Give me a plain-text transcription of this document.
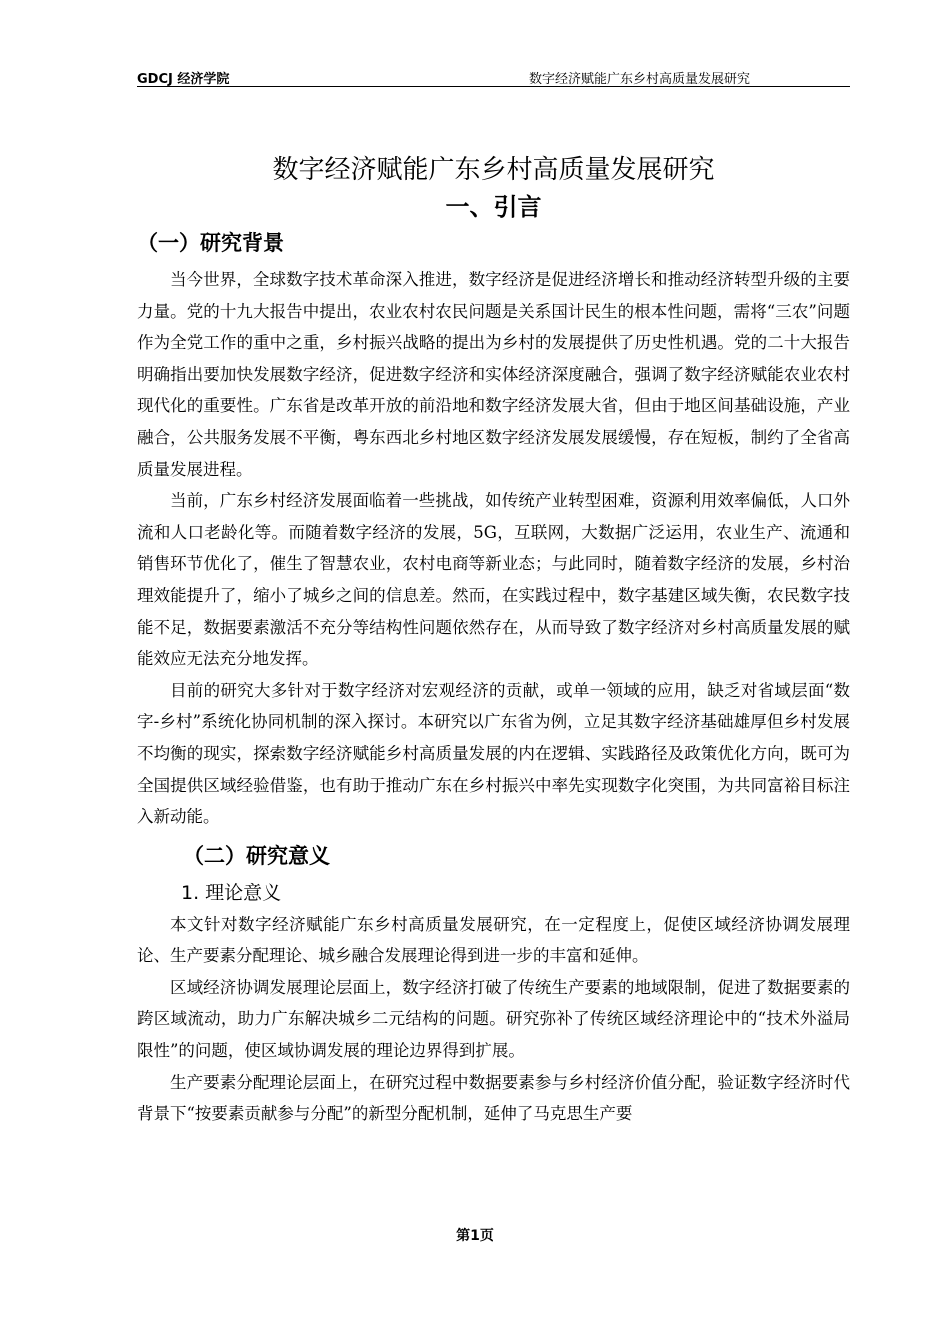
GDCJ 经济学院	数字经济赋能广东乡村高质量发展研究
数字经济赋能广东乡村高质量发展研究
一、引言
（一）研究背景

当今世界，全球数字技术革命深入推进，数字经济是促进经济增长和推动经济转型升级的主要力量。党的十九大报告中提出，农业农村农民问题是关系国计民生的根本性问题，需将“三农”问题作为全党工作的重中之重，乡村振兴战略的提出为乡村的发展提供了历史性机遇。党的二十大报告明确指出要加快发展数字经济，促进数字经济和实体经济深度融合，强调了数字经济赋能农业农村现代化的重要性。广东省是改革开放的前沿地和数字经济发展大省，但由于地区间基础设施，产业融合，公共服务发展不平衡，粤东西北乡村地区数字经济发展发展缓慢，存在短板，制约了全省高质量发展进程。

当前，广东乡村经济发展面临着一些挑战，如传统产业转型困难，资源利用效率偏低，人口外流和人口老龄化等。而随着数字经济的发展，5G，互联网，大数据广泛运用，农业生产、流通和销售环节优化了，催生了智慧农业，农村电商等新业态；与此同时，随着数字经济的发展，乡村治理效能提升了，缩小了城乡之间的信息差。然而，在实践过程中，数字基建区域失衡，农民数字技能不足，数据要素激活不充分等结构性问题依然存在，从而导致了数字经济对乡村高质量发展的赋能效应无法充分地发挥。

目前的研究大多针对于数字经济对宏观经济的贡献，或单一领域的应用，缺乏对省域层面“数字-乡村”系统化协同机制的深入探讨。本研究以广东省为例，立足其数字经济基础雄厚但乡村发展不均衡的现实，探索数字经济赋能乡村高质量发展的内在逻辑、实践路径及政策优化方向，既可为全国提供区域经验借鉴，也有助于推动广东在乡村振兴中率先实现数字化突围，为共同富裕目标注入新动能。

（二）研究意义
1. 理论意义

本文针对数字经济赋能广东乡村高质量发展研究，在一定程度上，促使区域经济协调发展理论、生产要素分配理论、城乡融合发展理论得到进一步的丰富和延伸。

区域经济协调发展理论层面上，数字经济打破了传统生产要素的地域限制，促进了数据要素的跨区域流动，助力广东解决城乡二元结构的问题。研究弥补了传统区域经济理论中的“技术外溢局限性”的问题，使区域协调发展的理论边界得到扩展。

生产要素分配理论层面上，在研究过程中数据要素参与乡村经济价值分配，验证数字经济时代背景下“按要素贡献参与分配”的新型分配机制，延伸了马克思生产要

第1页
